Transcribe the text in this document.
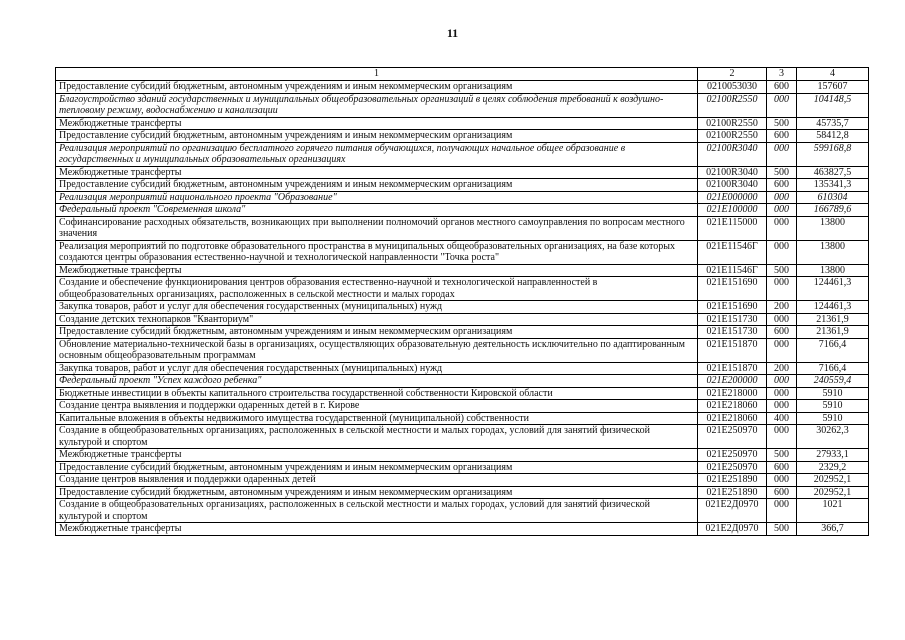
11
1	2	3	4
Предоставление субсидий бюджетным, автономным учреждениям и иным некоммерческим организациям	0210053030	600	157607
Благоустройство зданий государственных и муниципальных общеобразовательных организаций в целях соблюдения требований к воздушно-тепловому режиму, водоснабжению и канализации	02100R2550	000	104148,5
Межбюджетные трансферты	02100R2550	500	45735,7
Предоставление субсидий бюджетным, автономным учреждениям и иным некоммерческим организациям	02100R2550	600	58412,8
Реализация мероприятий по организацию бесплатного горячего питания обучающихся, получающих начальное общее образование в государственных и муниципальных образовательных организациях	02100R3040	000	599168,8
Межбюджетные трансферты	02100R3040	500	463827,5
Предоставление субсидий бюджетным, автономным учреждениям и иным некоммерческим организациям	02100R3040	600	135341,3
Реализация мероприятий национального проекта "Образование"	021E000000	000	610304
Федеральный проект "Современная школа"	021E100000	000	166789,6
Софинансирование расходных обязательств, возникающих при выполнении полномочий органов местного самоуправления по вопросам местного значения	021E115000	000	13800
Реализация мероприятий по подготовке образовательного пространства в муниципальных общеобразовательных организациях, на базе которых создаются центры образования естественно-научной и технологической направленности "Точка роста"	021E11546Г	000	13800
Межбюджетные трансферты	021E11546Г	500	13800
Создание и обеспечение функционирования центров образования естественно-научной и технологической направленностей в общеобразовательных организациях, расположенных в сельской местности и малых городах	021E151690	000	124461,3
Закупка товаров, работ и услуг для обеспечения государственных (муниципальных) нужд	021E151690	200	124461,3
Создание детских технопарков "Кванториум"	021E151730	000	21361,9
Предоставление субсидий бюджетным, автономным учреждениям и иным некоммерческим организациям	021E151730	600	21361,9
Обновление материально-технической базы в организациях, осуществляющих образовательную деятельность исключительно по адаптированным основным общеобразовательным программам	021E151870	000	7166,4
Закупка товаров, работ и услуг для обеспечения государственных (муниципальных) нужд	021E151870	200	7166,4
Федеральный проект "Успех каждого ребенка"	021E200000	000	240559,4
Бюджетные инвестиции в объекты капитального строительства государственной собственности Кировской области	021E218000	000	5910
Создание центра выявления и поддержки одаренных детей в г. Кирове	021E218060	000	5910
Капитальные вложения в объекты недвижимого имущества государственной (муниципальной) собственности	021E218060	400	5910
Создание в общеобразовательных организациях, расположенных в сельской местности и малых городах, условий для занятий физической культурой и спортом	021E250970	000	30262,3
Межбюджетные трансферты	021E250970	500	27933,1
Предоставление субсидий бюджетным, автономным учреждениям и иным некоммерческим организациям	021E250970	600	2329,2
Создание центров выявления и поддержки одаренных детей	021E251890	000	202952,1
Предоставление субсидий бюджетным, автономным учреждениям и иным некоммерческим организациям	021E251890	600	202952,1
Создание в общеобразовательных организациях, расположенных в сельской местности и малых городах, условий для занятий физической культурой и спортом	021E2Д0970	000	1021
Межбюджетные трансферты	021E2Д0970	500	366,7
